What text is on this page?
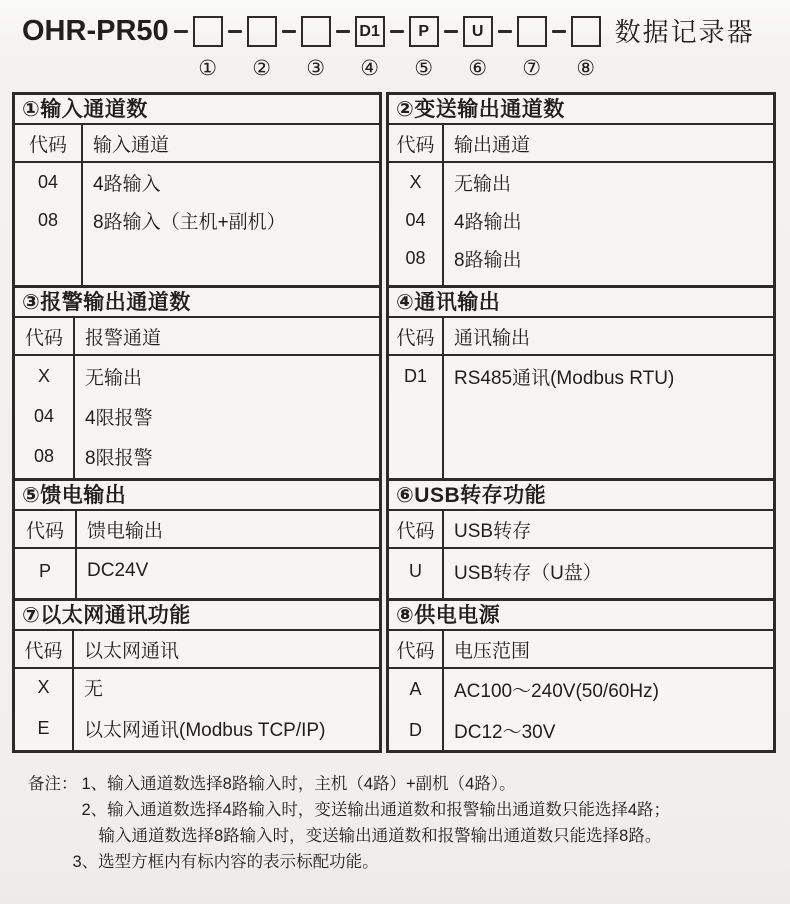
OHR-PR50
① ② ③
D1
④
P
⑤
U
⑥ ⑦ ⑧
数据记录器
①输入通道数
代码
04
08
输入通道
4路输入
8路输入（主机+副机）
②变送输出通道数
代码
X
04
08
输出通道
无输出
4路输出
8路输出
③报警输出通道数
代码
X
04
08
报警通道
无输出
4限报警
8限报警
④通讯输出
代码
D1
通讯输出
RS485通讯(Modbus RTU)
⑤馈电输出
代码
P
馈电输出
DC24V
⑥USB转存功能
代码
U
USB转存
USB转存（U盘）
⑦以太网通讯功能
代码
X
E
以太网通讯
无
以太网通讯(Modbus TCP/IP)
⑧供电电源
代码
A
D
电压范围
AC100～240V(50/60Hz)
DC12～30V
备注： 1、输入通道数选择8路输入时，主机（4路）+副机（4路）。
2、输入通道数选择4路输入时，变送输出通道数和报警输出通道数只能选择4路；
输入通道数选择8路输入时，变送输出通道数和报警输出通道数只能选择8路。
3、选型方框内有标内容的表示标配功能。
